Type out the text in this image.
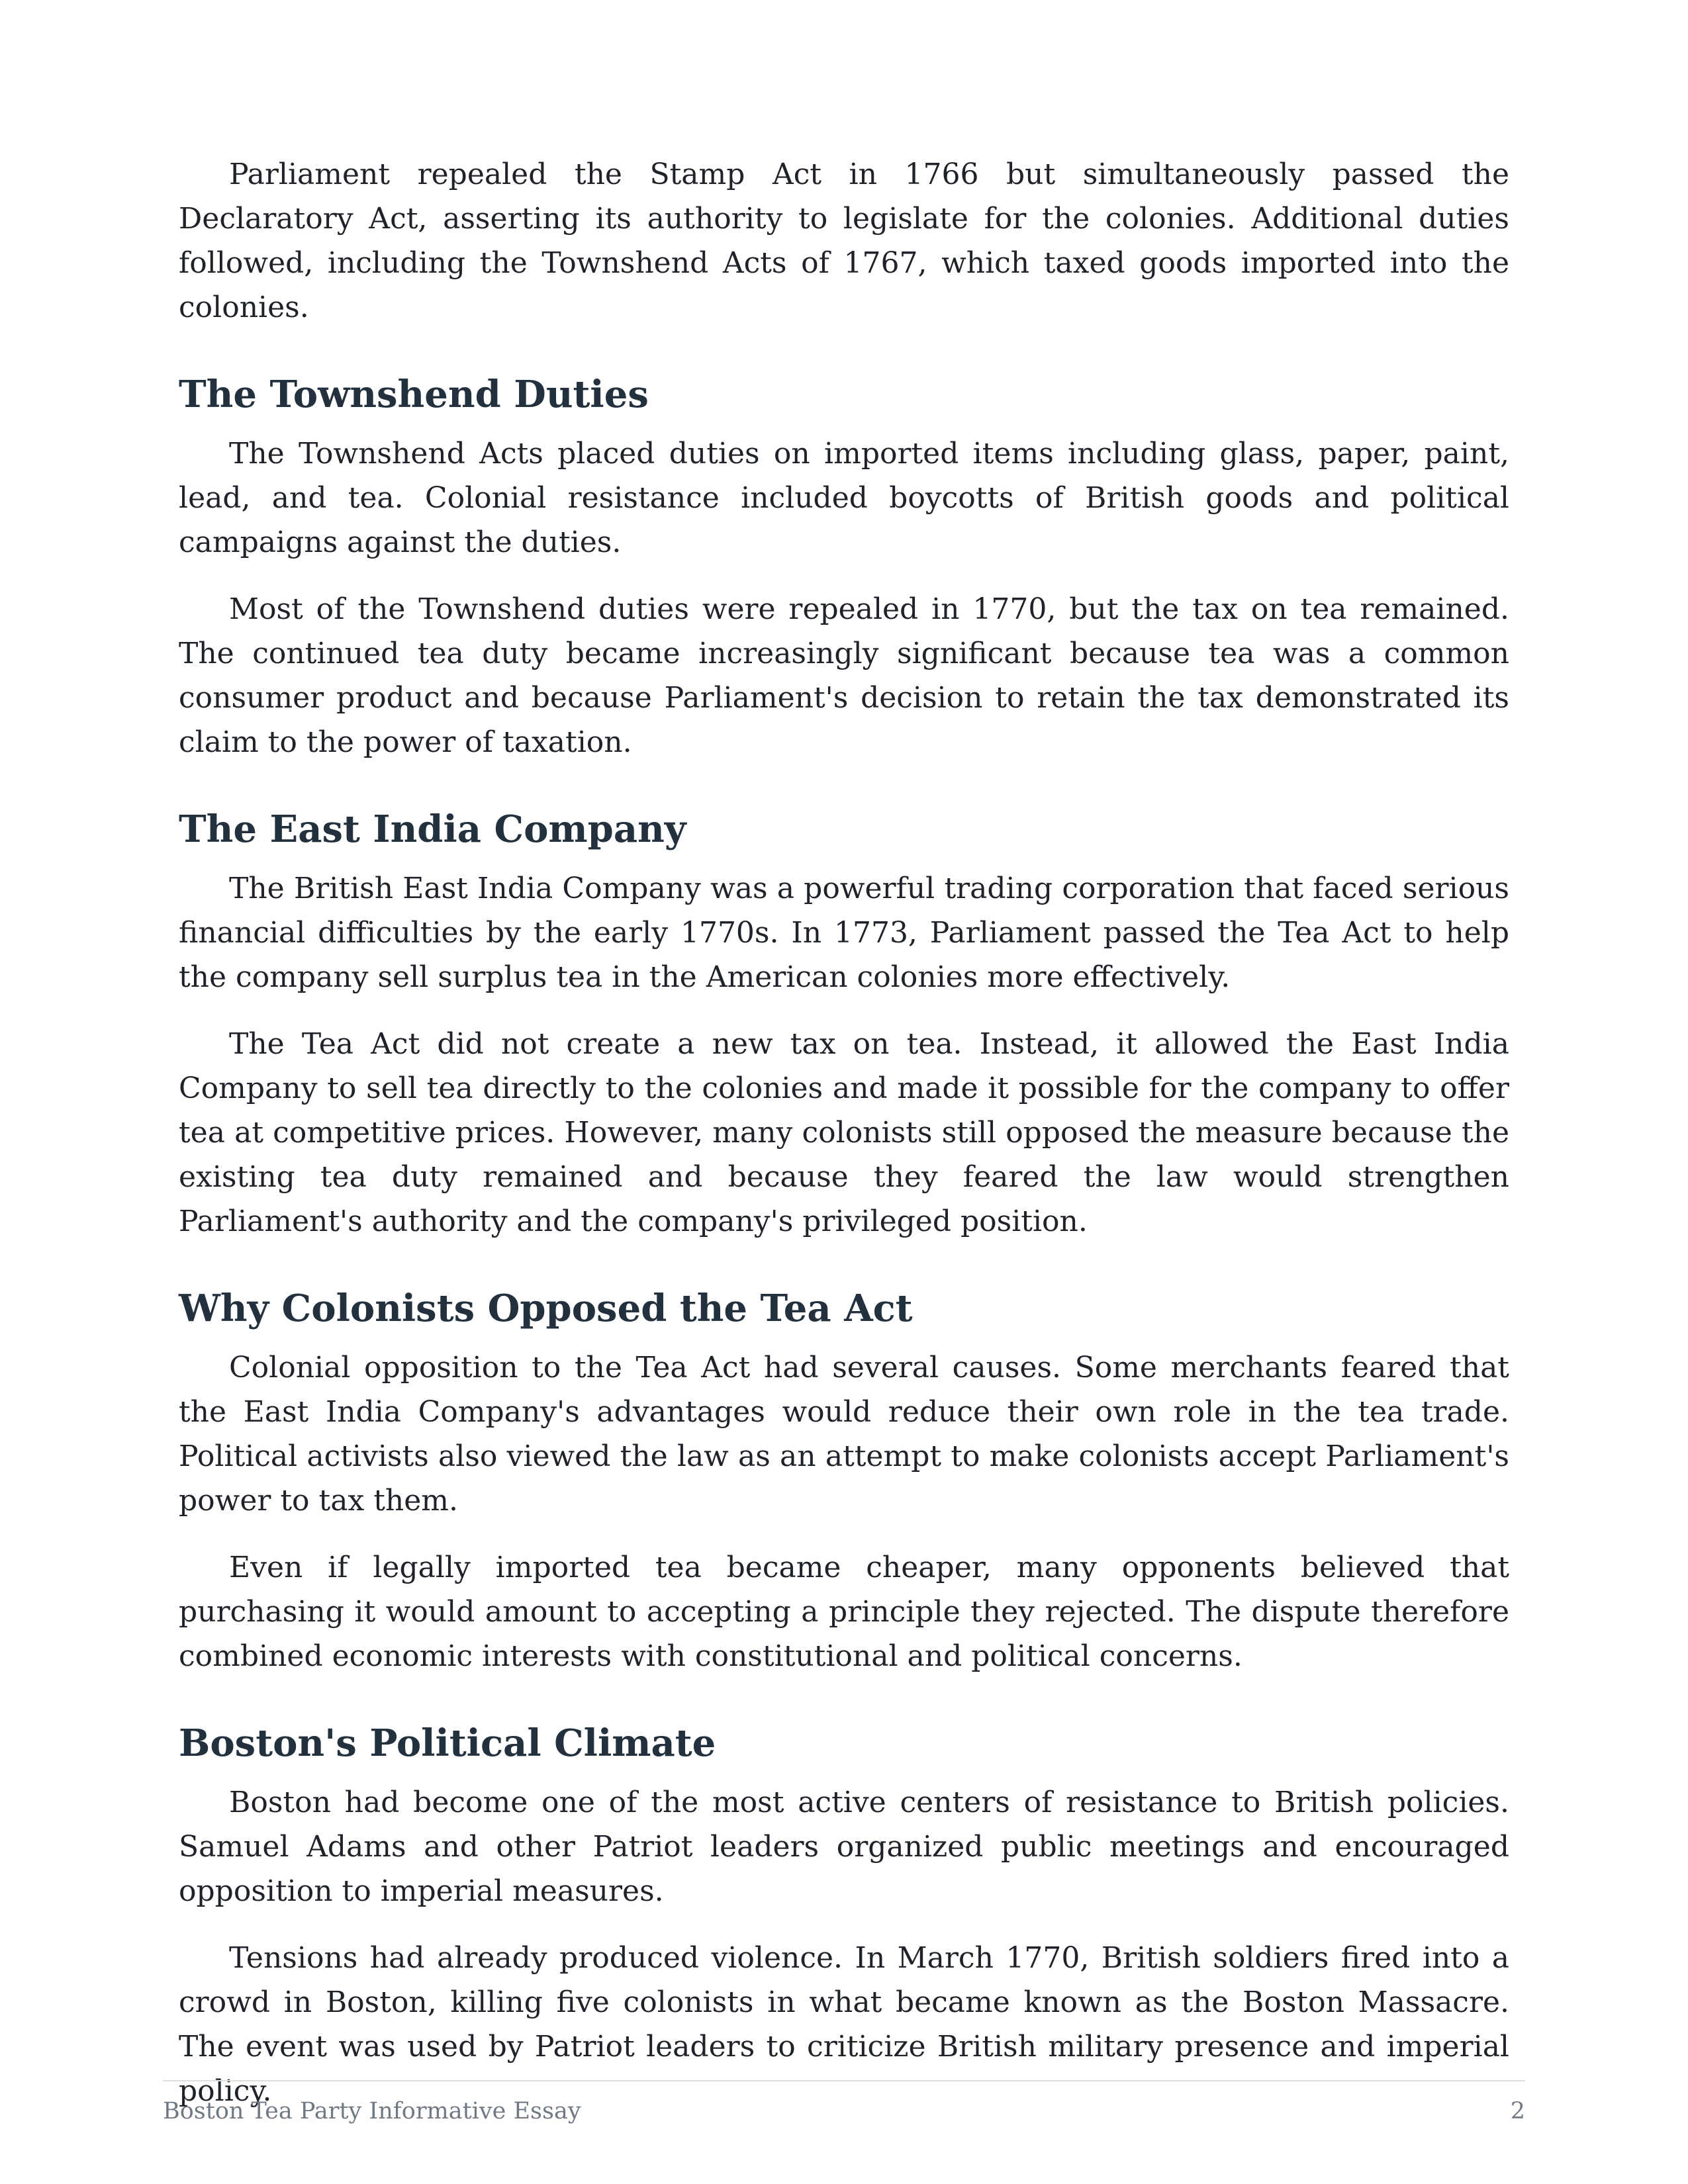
Parliament repealed the Stamp Act in 1766 but simultaneously passed the Declaratory Act, asserting its authority to legislate for the colonies. Additional duties followed, including the Townshend Acts of 1767, which taxed goods imported into the colonies.

The Townshend Duties

The Townshend Acts placed duties on imported items including glass, paper, paint, lead, and tea. Colonial resistance included boycotts of British goods and political campaigns against the duties.

Most of the Townshend duties were repealed in 1770, but the tax on tea remained. The continued tea duty became increasingly significant because tea was a common consumer product and because Parliament's decision to retain the tax demonstrated its claim to the power of taxation.

The East India Company

The British East India Company was a powerful trading corporation that faced serious financial difficulties by the early 1770s. In 1773, Parliament passed the Tea Act to help the company sell surplus tea in the American colonies more effectively.

The Tea Act did not create a new tax on tea. Instead, it allowed the East India Company to sell tea directly to the colonies and made it possible for the company to offer tea at competitive prices. However, many colonists still opposed the measure because the existing tea duty remained and because they feared the law would strengthen Parliament's authority and the company's privileged position.

Why Colonists Opposed the Tea Act

Colonial opposition to the Tea Act had several causes. Some merchants feared that the East India Company's advantages would reduce their own role in the tea trade. Political activists also viewed the law as an attempt to make colonists accept Parliament's power to tax them.

Even if legally imported tea became cheaper, many opponents believed that purchasing it would amount to accepting a principle they rejected. The dispute therefore combined economic interests with constitutional and political concerns.

Boston's Political Climate

Boston had become one of the most active centers of resistance to British policies. Samuel Adams and other Patriot leaders organized public meetings and encouraged opposition to imperial measures.

Tensions had already produced violence. In March 1770, British soldiers fired into a crowd in Boston, killing five colonists in what became known as the Boston Massacre. The event was used by Patriot leaders to criticize British military presence and imperial policy.

Boston Tea Party Informative Essay	2
